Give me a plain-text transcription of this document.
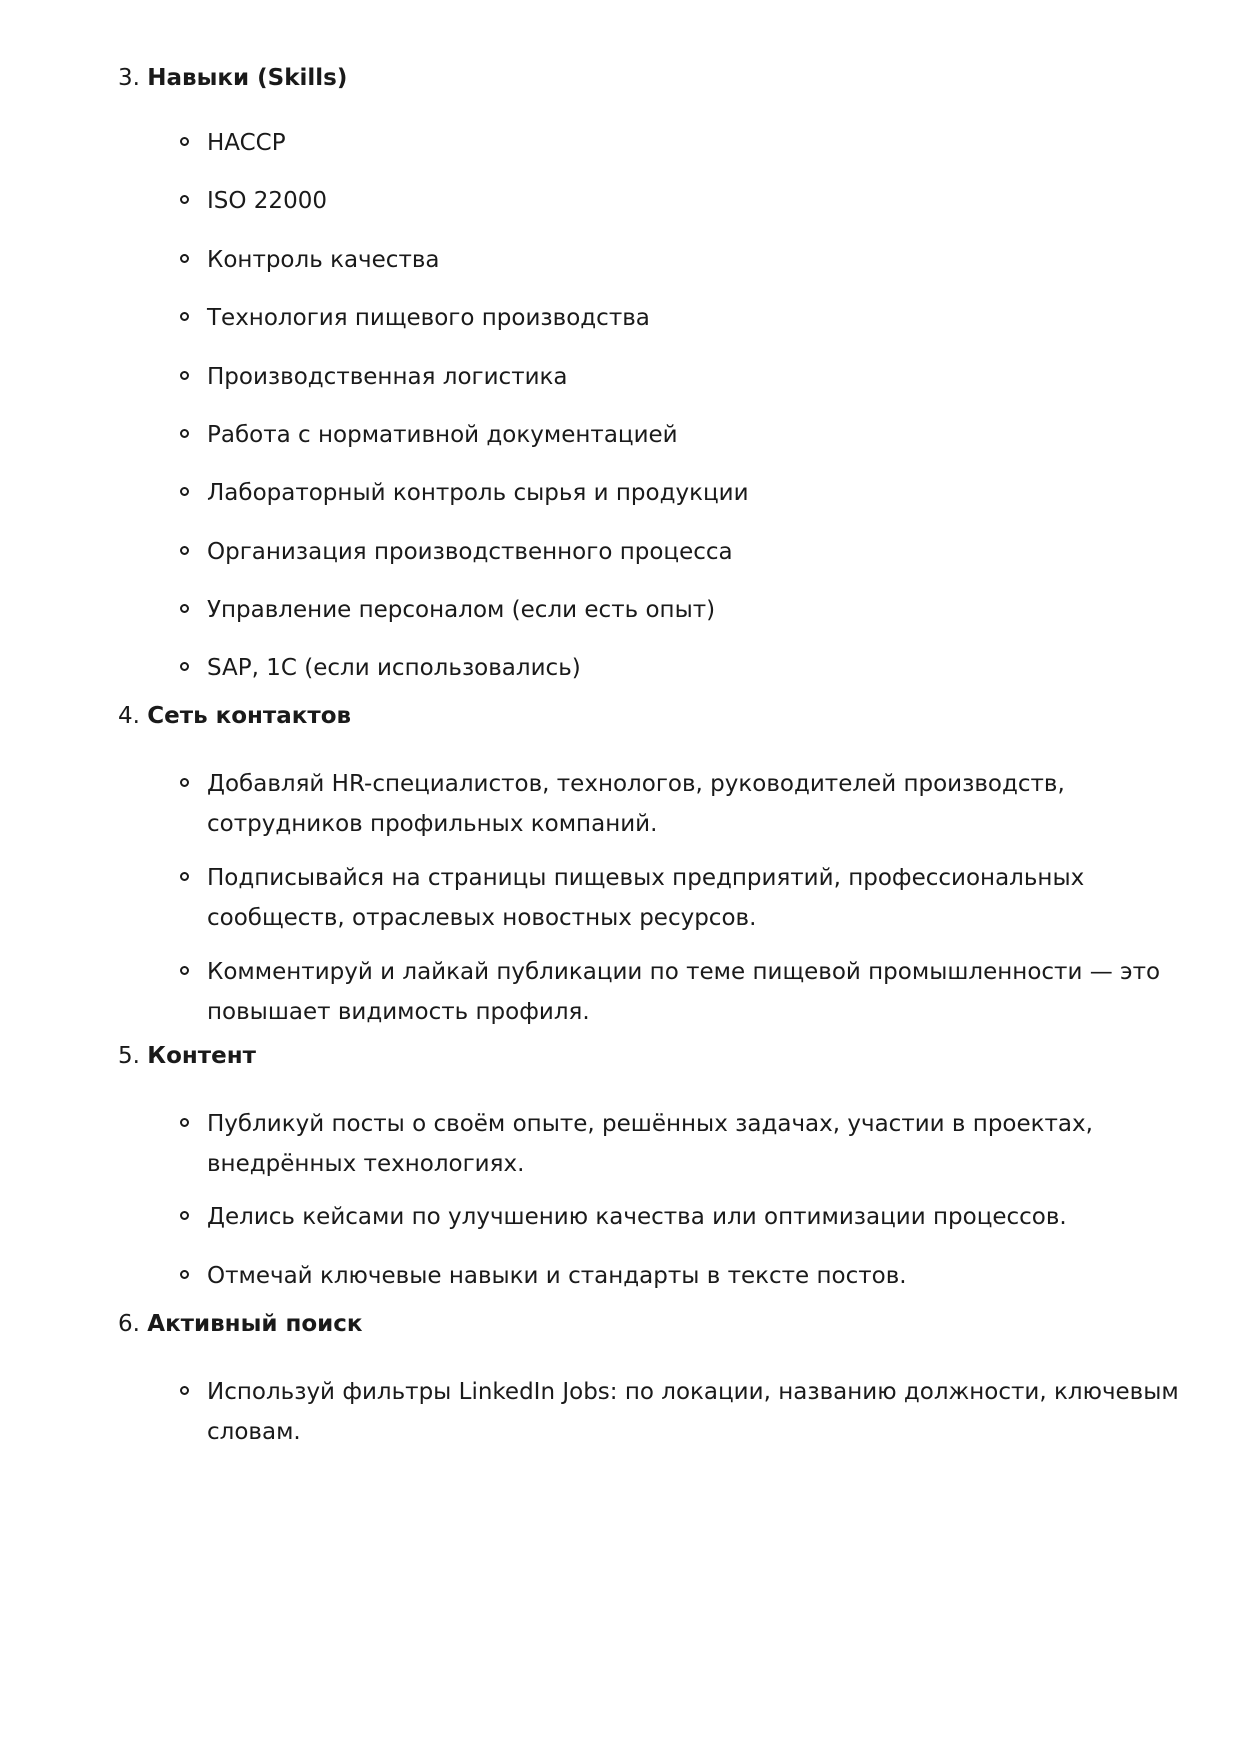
3. Навыки (Skills)
HACCP
ISO 22000
Контроль качества
Технология пищевого производства
Производственная логистика
Работа с нормативной документацией
Лабораторный контроль сырья и продукции
Организация производственного процесса
Управление персоналом (если есть опыт)
SAP, 1С (если использовались)
4. Сеть контактов
Добавляй HR-специалистов, технологов, руководителей производств,
сотрудников профильных компаний.
Подписывайся на страницы пищевых предприятий, профессиональных
сообществ, отраслевых новостных ресурсов.
Комментируй и лайкай публикации по теме пищевой промышленности — это
повышает видимость профиля.
5. Контент
Публикуй посты о своём опыте, решённых задачах, участии в проектах,
внедрённых технологиях.
Делись кейсами по улучшению качества или оптимизации процессов.
Отмечай ключевые навыки и стандарты в тексте постов.
6. Активный поиск
Используй фильтры LinkedIn Jobs: по локации, названию должности, ключевым
словам.
